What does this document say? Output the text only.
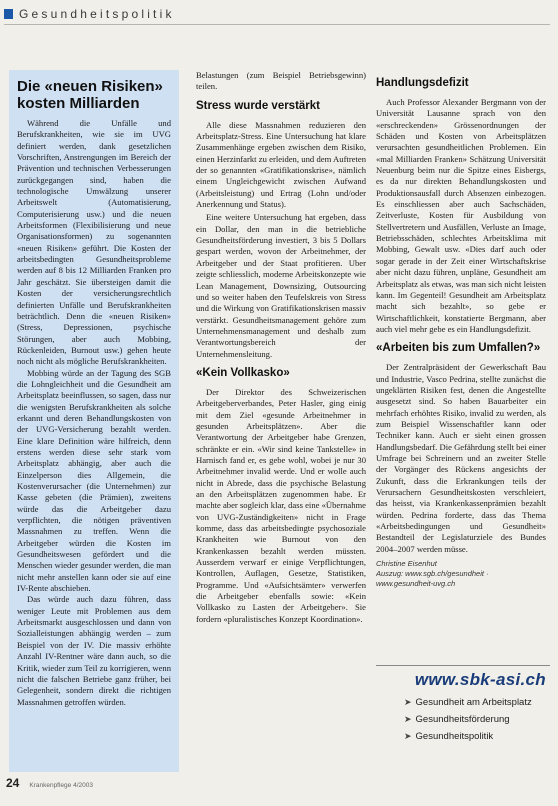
Gesundheitspolitik
Die «neuen Risiken» kosten Milliarden

Während die Unfälle und Berufskrankheiten, wie sie im UVG definiert werden, dank gesetzlichen Vorschriften, Anstrengungen im Bereich der Prävention und technischen Verbesserungen zurückgegangen sind, haben die technologische Umwälzung unserer Arbeitswelt (Automatisierung, Computerisierung usw.) und die neuen Arbeitsformen (Flexibilisierung und neue Organisationsformen) zu sogenannten «neuen Risiken» geführt. Die Kosten der arbeitsbedingten Gesundheitsprobleme werden auf 8 bis 12 Milliarden Franken pro Jahr geschätzt. Sie übersteigen damit die Kosten der versicherungsrechtlich definierten Unfälle und Berufskrankheiten beträchtlich. Denn die «neuen Risiken» (Stress, Depressionen, psychische Störungen, aber auch Mobbing, Rückenleiden, Burnout usw.) gehen heute noch nicht als mögliche Berufskrankheiten.

Mobbing würde an der Tagung des SGB die Lohngleichheit und die Gesundheit am Arbeitsplatz beeinflussen, so sagen, dass nur die wenigsten Berufskrankheiten als solche erkannt und deren Behandlungskosten von der UVG-Versicherung bezahlt werden. Eine klare Definition wäre hilfreich, denn erstens werden diese sehr stark vom Arbeitsplatz abhängig, aber auch die Einzelperson dies Allgemein, die Kostenverursacher (die Unternehmen) zur Kasse gebeten (die Prämien), zweitens würde das die Arbeitgeber dazu verpflichten, die nötigen präventiven Massnahmen zu treffen. Wenn die Arbeitgeber würden die Kosten im Gesundheitswesen gefördert und die Menschen wieder gesunder werden, die man nicht mehr anstellen kann oder sie auf eine IV-Rente abschieben.

Das würde auch dazu führen, dass weniger Leute mit Problemen aus dem Arbeitsmarkt ausgeschlossen und dann von Sozialleistungen abhängig werden – zum Beispiel von der IV. Die massiv erhöhte Anzahl IV-Rentner wäre dann auch, so die Kritik, wieder zum Teil zu korrigieren, wenn nicht die falschen Betriebe ganz früher, bei Gelegenheit, sondern direkt die richtigen Massnahmen getroffen würden.

Belastungen (zum Beispiel Betriebsgewinn) teilen.

Stress wurde verstärkt

Alle diese Massnahmen reduzieren den Arbeitsplatz-Stress. Eine Untersuchung hat klare Zusammenhänge ergeben zwischen dem Risiko, einen Herzinfarkt zu erleiden, und dem Auftreten der so genannten «Gratifikationskrise», nämlich einem Ungleichgewicht zwischen Aufwand (Arbeitsleistung) und Ertrag (Lohn und/oder Anerkennung und Status).

Eine weitere Untersuchung hat ergeben, dass ein Dollar, den man in die betriebliche Gesundheitsförderung investiert, 3 bis 5 Dollars gespart werden, wovon der Arbeitnehmer, der Arbeitgeber und der Staat profitieren. Uber zeigte schliesslich, moderne Arbeitskonzepte wie Lean Management, Downsizing, Outsourcing und so weiter haben den Teufelskreis von Stress und die Wirkung von Gratifikationskrisen massiv verstärkt. Gesundheitsmanagement gehöre zum Unternehmensmanagement und deshalb zum Verantwortungsbereich der Unternehmensleitung.

«Kein Vollkasko»

Der Direktor des Schweizerischen Arbeitgeberverbandes, Peter Hasler, ging einig mit dem Ziel «gesunde Arbeitnehmer in gesunden Arbeitsplätzen». Aber die Verantwortung der Arbeitgeber habe Grenzen, schränkte er ein. «Wir sind keine Tankstelle» in Harnisch fand er, es gebe wohl, wobei je nur 30 Arbeitnehmer invalid werde. Und er wolle auch nicht in Abrede, dass die psychische Belastung an den Arbeitsplätzen zugenommen habe. Er machte aber sogleich klar, dass eine «Übernahme von UVG-Zuständigkeiten» nicht in Frage komme, dass das arbeitsbedingte psychosoziale Krankheiten wie Burnout von den Krankenkassen bezahlt werden müssten. Ausserdem verwarf er einige Verpflichtungen, Kontrollen, Auflagen, Gesetze, Statistiken, Programme. Und «Aufsichtsämter» verwerfen die Arbeitgeber ebenfalls sowie: «Kein Vollkasko zu Lasten der Arbeitgeber». Sie fordern «pluralistisches Konzept Koordination».

Handlungsdefizit

Auch Professor Alexander Bergmann von der Universität Lausanne sprach von den «erschreckenden» Grössenordnungen der Schäden und Kosten von Arbeitsplätzen verursachten gesundheitlichen Problemen. Ein «mal Milliarden Franken» Schätzung Universität Neuenburg beim nur die Spitze eines Eisbergs, es da nur direkten Behandlungskosten und Produktionsausfall durch Absenzen einbezogen. Es einschliessen aber auch Sachschäden, Zeitverluste, Kosten für Ausbildung von Stellvertretern und Ausfällen, Verluste an Image, Betriebsschäden, schlechtes Arbeitsklima mit Mobbing, Gewalt usw. «Dies darf auch oder sogar gerade in der Zeit einer Wirtschaftskrise aber nicht dazu führen, unpläne, Gesundheit am Arbeitsplatz als etwas, was man sich nicht leisten kann. Im Gegenteil! Gesundheit am Arbeitsplatz macht sich bezahlt», so gebe er Wirtschaftlichkeit, konstatierte Bergmann, aber auch viel mehr gebe es ein Handlungsdefizit.

«Arbeiten bis zum Umfallen?»

Der Zentralpräsident der Gewerkschaft Bau und Industrie, Vasco Pedrina, stellte zunächst die ungeklärten Risiken fest, denen die Angestellte ausgesetzt sind. So haben Bauarbeiter ein mehrfach erhöhtes Risiko, invalid zu werden, als zum Beispiel Wissenschaftler kann oder Techniker kann. Auch er sieht einen grossen Handlungsbedarf. Die Gefährdung stellt bei einer Umfrage bei Schreinern und an zweiter Stelle der Vorgänger des Rückens angesichts der Zukunft, dass die Erkrankungen teils der Verursachern Gesundheitskosten verschleiert, das heisst, via Krankenkassenprämien bezahlt würden. Pedrina forderte, dass das Thema «Arbeitsbedingungen und Gesundheit» Bestandteil der Legislaturziele des Bundes 2004–2007 werden müsse.

Christine Eisenhut
Auszug: www.sgb.ch/gesundheit · www.gesundheit-uvg.ch
www.sbk-asi.ch
➤ Gesundheit am Arbeitsplatz
➤ Gesundheitsförderung
➤ Gesundheitspolitik
24 Krankenpflege 4/2003
